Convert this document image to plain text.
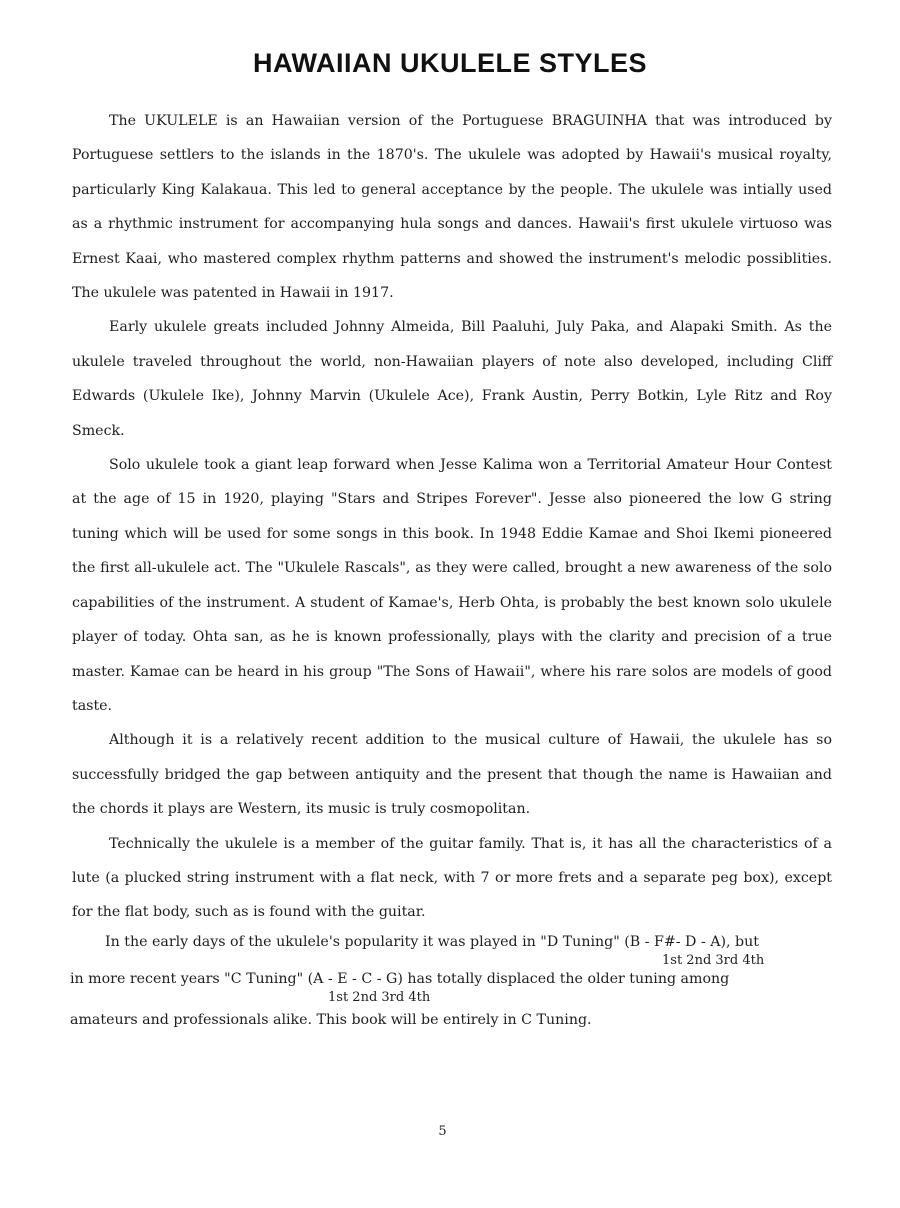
HAWAIIAN UKULELE STYLES

The UKULELE is an Hawaiian version of the Portuguese BRAGUINHA that was introduced by Portuguese settlers to the islands in the 1870's. The ukulele was adopted by Hawaii's musical royalty, particularly King Kalakaua. This led to general acceptance by the people. The ukulele was intially used as a rhythmic instrument for accompanying hula songs and dances. Hawaii's first ukulele virtuoso was Ernest Kaai, who mastered complex rhythm patterns and showed the instrument's melodic possiblities. The ukulele was patented in Hawaii in 1917.

Early ukulele greats included Johnny Almeida, Bill Paaluhi, July Paka, and Alapaki Smith. As the ukulele traveled throughout the world, non-Hawaiian players of note also developed, including Cliff Edwards (Ukulele Ike), Johnny Marvin (Ukulele Ace), Frank Austin, Perry Botkin, Lyle Ritz and Roy Smeck.

Solo ukulele took a giant leap forward when Jesse Kalima won a Territorial Amateur Hour Contest at the age of 15 in 1920, playing "Stars and Stripes Forever". Jesse also pioneered the low G string tuning which will be used for some songs in this book. In 1948 Eddie Kamae and Shoi Ikemi pioneered the first all-ukulele act. The "Ukulele Rascals", as they were called, brought a new awareness of the solo capabilities of the instrument. A student of Kamae's, Herb Ohta, is probably the best known solo ukulele player of today. Ohta san, as he is known professionally, plays with the clarity and precision of a true master. Kamae can be heard in his group "The Sons of Hawaii", where his rare solos are models of good taste.

Although it is a relatively recent addition to the musical culture of Hawaii, the ukulele has so successfully bridged the gap between antiquity and the present that though the name is Hawaiian and the chords it plays are Western, its music is truly cosmopolitan.

Technically the ukulele is a member of the guitar family. That is, it has all the characteristics of a lute (a plucked string instrument with a flat neck, with 7 or more frets and a separate peg box), except for the flat body, such as is found with the guitar.

In the early days of the ukulele's popularity it was played in "D Tuning" (B - F#- D - A), but
1st 2nd 3rd 4th
in more recent years "C Tuning" (A - E - C - G) has totally displaced the older tuning among
1st 2nd 3rd 4th
amateurs and professionals alike. This book will be entirely in C Tuning.
5
